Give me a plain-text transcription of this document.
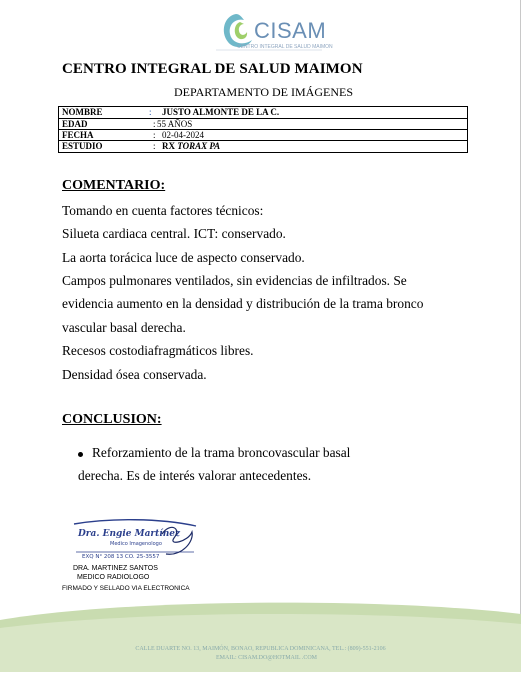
CISAM
CENTRO INTEGRAL DE SALUD MAIMON
CENTRO INTEGRAL DE SALUD MAIMON
DEPARTAMENTO DE IMÁGENES
NOMBRE	: JUSTO ALMONTE DE LA C.
EDAD	: 55 AÑOS
FECHA	: 02-04-2024
ESTUDIO	: RX TORAX PA
COMENTARIO:
Tomando en cuenta factores técnicos:
Silueta cardiaca central. ICT: conservado.
La aorta torácica luce de aspecto conservado.
Campos pulmonares ventilados, sin evidencias de infiltrados. Se
evidencia aumento en la densidad y distribución de la trama bronco
vascular basal derecha.
Recesos costodiafragmáticos libres.
Densidad ósea conservada.
CONCLUSION:
Reforzamiento de la trama broncovascular basal
derecha. Es de interés valorar antecedentes.
Dra. Engie Martínez
Medico Imagenologo
EXQ N° 208 13 CO. 25-3557
DRA. MARTINEZ SANTOS
MEDICO RADIOLOGO
FIRMADO Y SELLADO VIA ELECTRONICA
CALLE DUARTE NO. 13, MAIMÓN, BONAO, REPUBLICA DOMINICANA, TEL.: (809)-551-2106
EMAIL: CISAM.DO@HOTMAIL .COM
